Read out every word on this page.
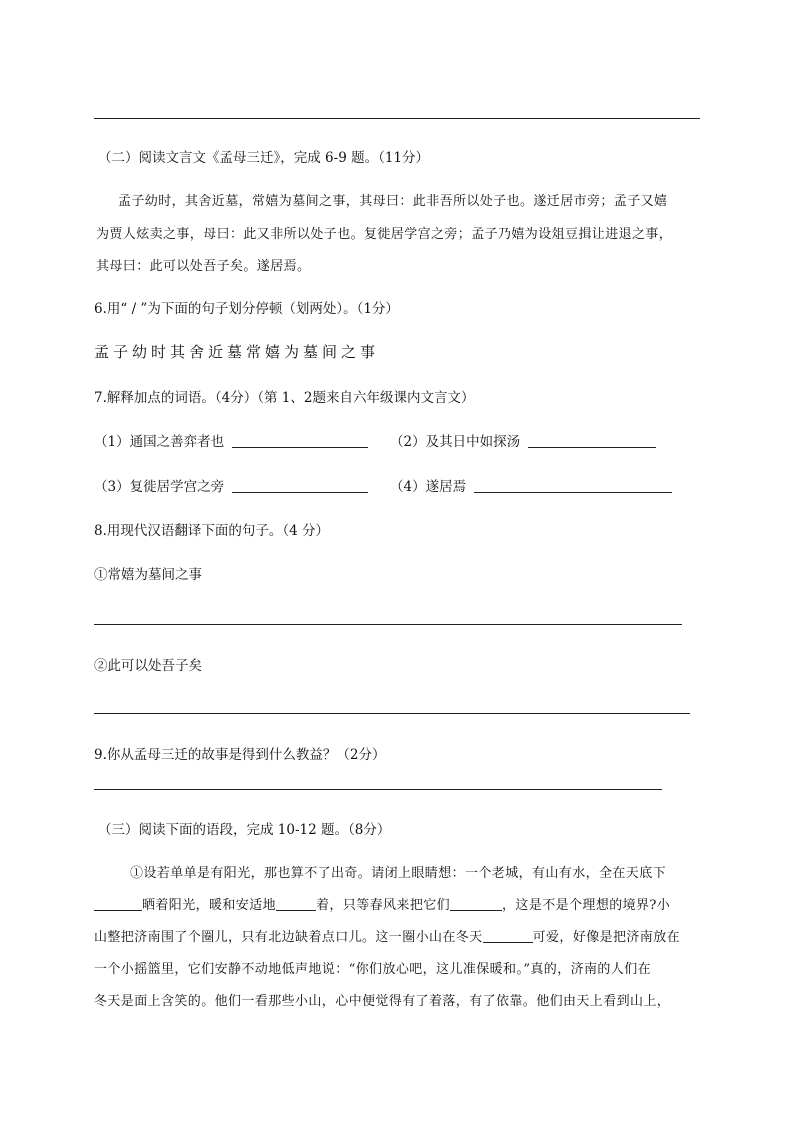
（二）阅读文言文《孟母三迁》，完成 6-9 题。（11分）
孟子幼时，其舍近墓，常嬉为墓间之事，其母曰：此非吾所以处子也。遂迁居市旁；孟子又嬉
为贾人炫卖之事，母曰：此又非所以处子也。复徙居学宫之旁；孟子乃嬉为设俎豆揖让进退之事，
其母曰：此可以处吾子矣。遂居焉。
6.用“ / ”为下面的句子划分停顿（划两处）。（1分）
孟子幼时其舍近墓常嬉为墓间之事
7.解释加点的词语。（4分）（第 1、2题来自六年级课内文言文）
（1）通国之善弈者也	（2）及其日中如探汤
（3）复徙居学宫之旁	（4）遂居焉
8.用现代汉语翻译下面的句子。（4 分）
①常嬉为墓间之事
②此可以处吾子矣
9.你从孟母三迁的故事是得到什么教益？（2分）
（三）阅读下面的语段，完成 10-12 题。（8分）
①设若单单是有阳光，那也算不了出奇。请闭上眼睛想：一个老城，有山有水，全在天底下
晒着阳光，暖和安适地	着，只等春风来把它们	，这是不是个理想的境界?小
山整把济南围了个圈儿，只有北边缺着点口儿。这一圈小山在冬天	可爱，好像是把济南放在
一个小摇篮里，它们安静不动地低声地说：“你们放心吧，这儿准保暖和。”真的，济南的人们在
冬天是面上含笑的。他们一看那些小山，心中便觉得有了着落，有了依靠。他们由天上看到山上，
